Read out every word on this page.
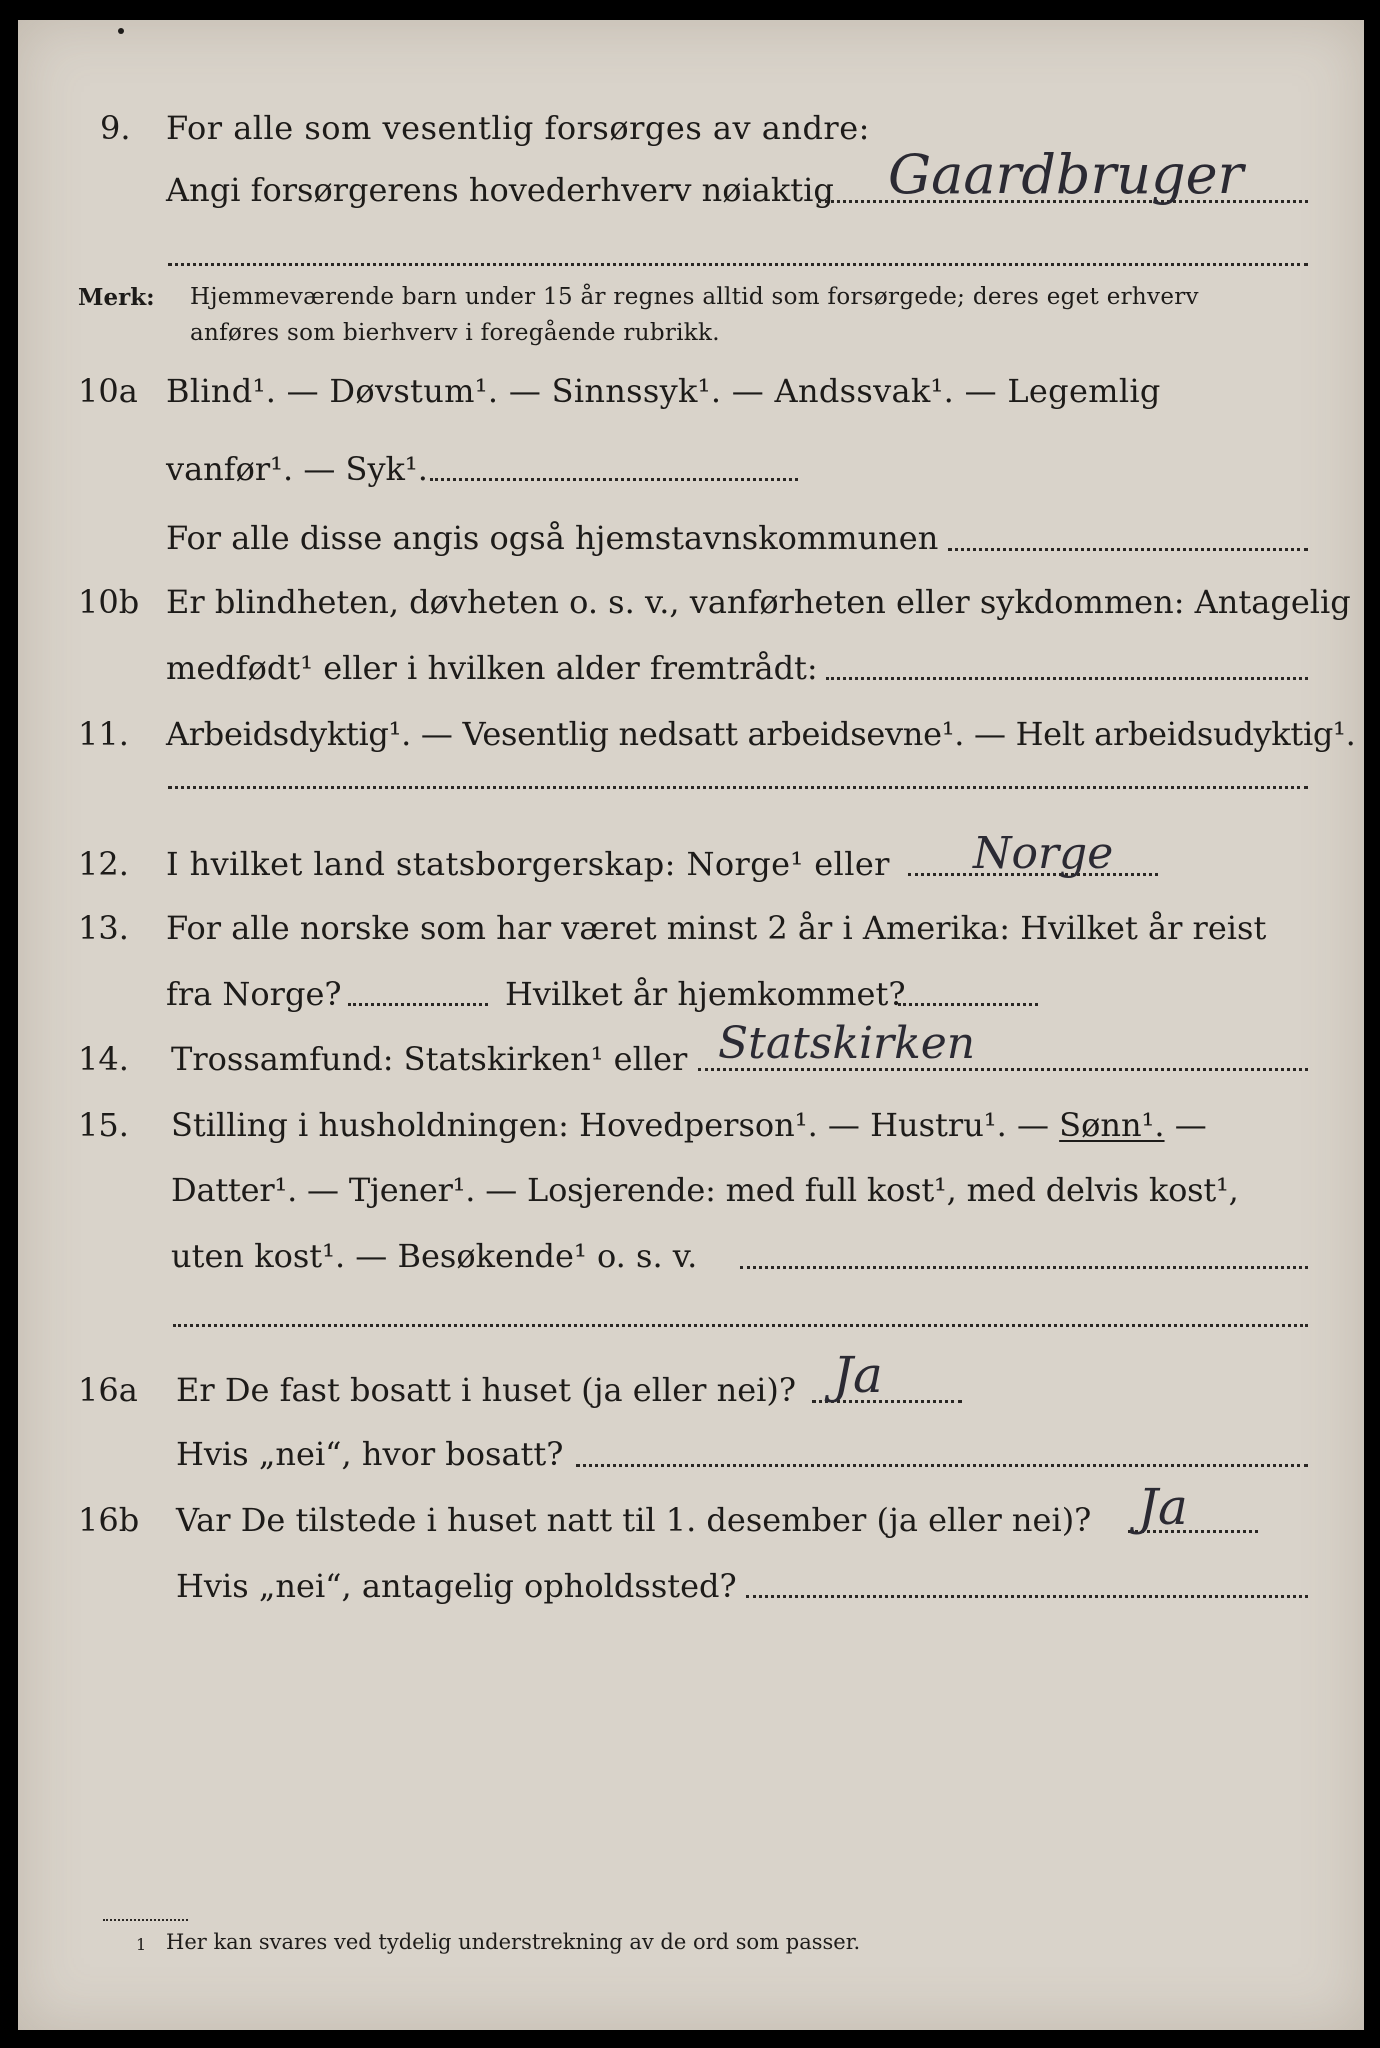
9. For alle som vesentlig forsørges av andre:
Angi forsørgerens hovederhverv nøiaktig Gaardbruger
Merk: Hjemmeværende barn under 15 år regnes alltid som forsørgede; deres eget erhverv
anføres som bierhverv i foregående rubrikk.
10a Blind¹. — Døvstum¹. — Sinnssyk¹. — Andssvak¹. — Legemlig
vanfør¹. — Syk¹.
For alle disse angis også hjemstavnskommunen
10b Er blindheten, døvheten o. s. v., vanførheten eller sykdommen: Antagelig
medfødt¹ eller i hvilken alder fremtrådt:
11. Arbeidsdyktig¹. — Vesentlig nedsatt arbeidsevne¹. — Helt arbeidsudyktig¹.
12. I hvilket land statsborgerskap: Norge¹ eller Norge
13. For alle norske som har været minst 2 år i Amerika: Hvilket år reist
fra Norge?	Hvilket år hjemkommet?
14. Trossamfund: Statskirken¹ eller Statskirken
15. Stilling i husholdningen: Hovedperson¹. — Hustru¹. — Sønn¹. —
Datter¹. — Tjener¹. — Losjerende: med full kost¹, med delvis kost¹,
uten kost¹. — Besøkende¹ o. s. v.
16a Er De fast bosatt i huset (ja eller nei)? Ja
Hvis „nei“, hvor bosatt?
16b Var De tilstede i huset natt til 1. desember (ja eller nei)? Ja
Hvis „nei“, antagelig opholdssted?
1 Her kan svares ved tydelig understrekning av de ord som passer.
